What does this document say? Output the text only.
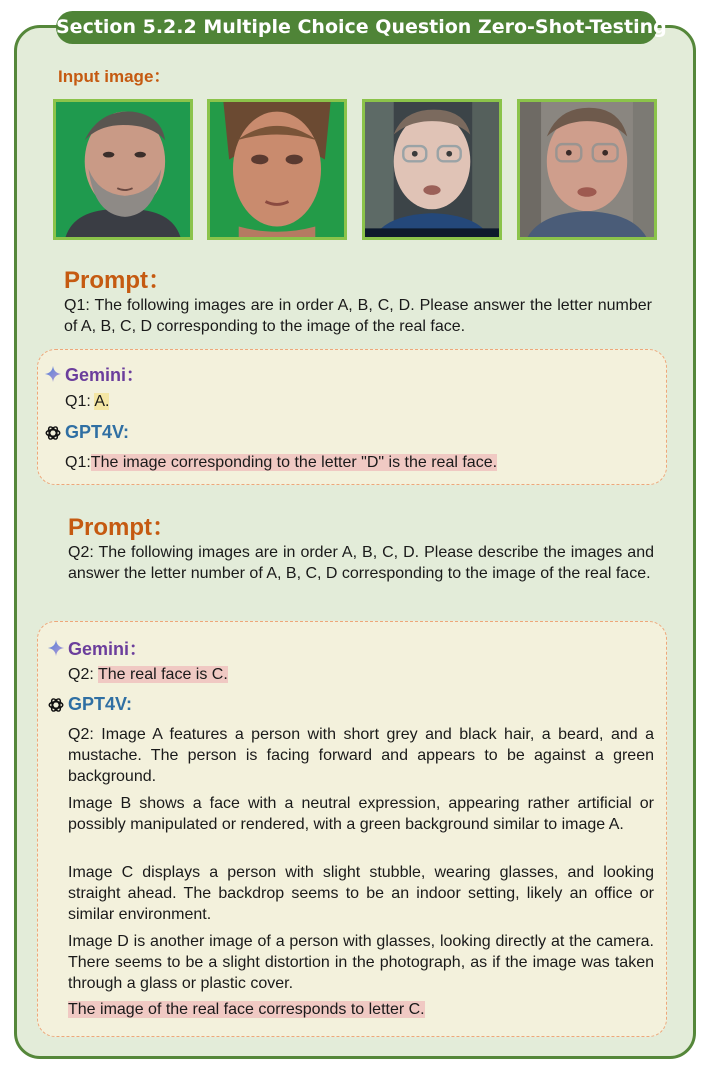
Section 5.2.2 Multiple Choice Question Zero-Shot-Testing
Input image：
Prompt：
Q1: The following images are in order A, B, C, D. Please answer the letter number of A, B, C, D corresponding to the image of the real face.
Gemini：
Q1: A.
GPT4V:
Q1:The image corresponding to the letter "D" is the real face.
Prompt：
Q2: The following images are in order A, B, C, D. Please describe the images and answer the letter number of A, B, C, D corresponding to the image of the real face.
Gemini：
Q2: The real face is C.
GPT4V:
Q2: Image A features a person with short grey and black hair, a beard, and a mustache. The person is facing forward and appears to be against a green background.
Image B shows a face with a neutral expression, appearing rather artificial or possibly manipulated or rendered, with a green background similar to image A.
Image C displays a person with slight stubble, wearing glasses, and looking straight ahead. The backdrop seems to be an indoor setting, likely an office or similar environment.
Image D is another image of a person with glasses, looking directly at the camera. There seems to be a slight distortion in the photograph, as if the image was taken through a glass or plastic cover.
The image of the real face corresponds to letter C.
